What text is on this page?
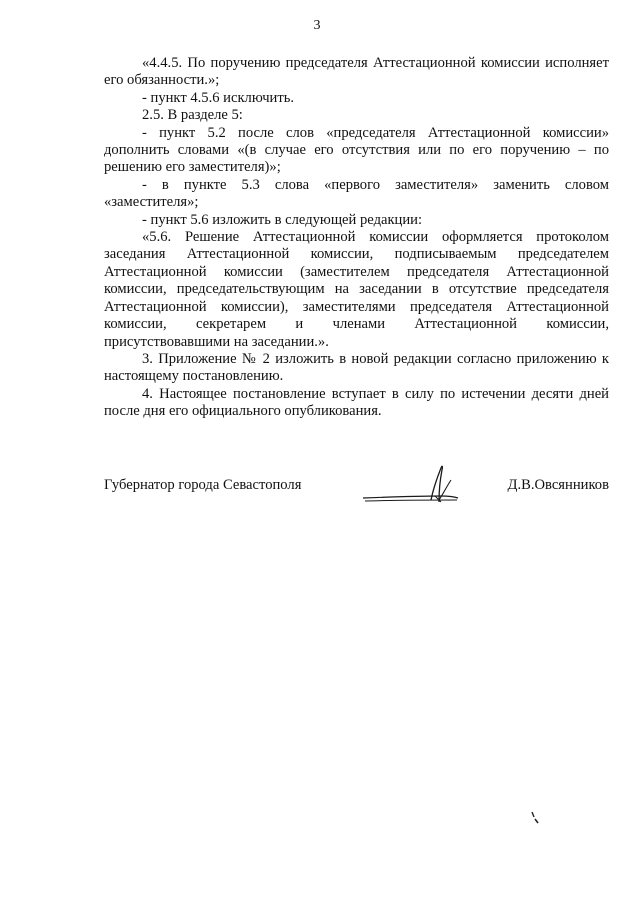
3

«4.4.5. По поручению председателя Аттестационной комиссии исполняет его обязанности.»;

- пункт 4.5.6 исключить.

2.5. В разделе 5:

- пункт 5.2 после слов «председателя Аттестационной комиссии» дополнить словами «(в случае его отсутствия или по его поручению – по решению его заместителя)»;

- в пункте 5.3 слова «первого заместителя» заменить словом «заместителя»;

- пункт 5.6 изложить в следующей редакции:

«5.6. Решение Аттестационной комиссии оформляется протоколом заседания Аттестационной комиссии, подписываемым председателем Аттестационной комиссии (заместителем председателя Аттестационной комиссии, председательствующим на заседании в отсутствие председателя Аттестационной комиссии), заместителями председателя Аттестационной комиссии, секретарем и членами Аттестационной комиссии, присутствовавшими на заседании.».

3. Приложение № 2 изложить в новой редакции согласно приложению к настоящему постановлению.

4. Настоящее постановление вступает в силу по истечении десяти дней после дня его официального опубликования.

Губернатор города Севастополя	Д.В.Овсянников
